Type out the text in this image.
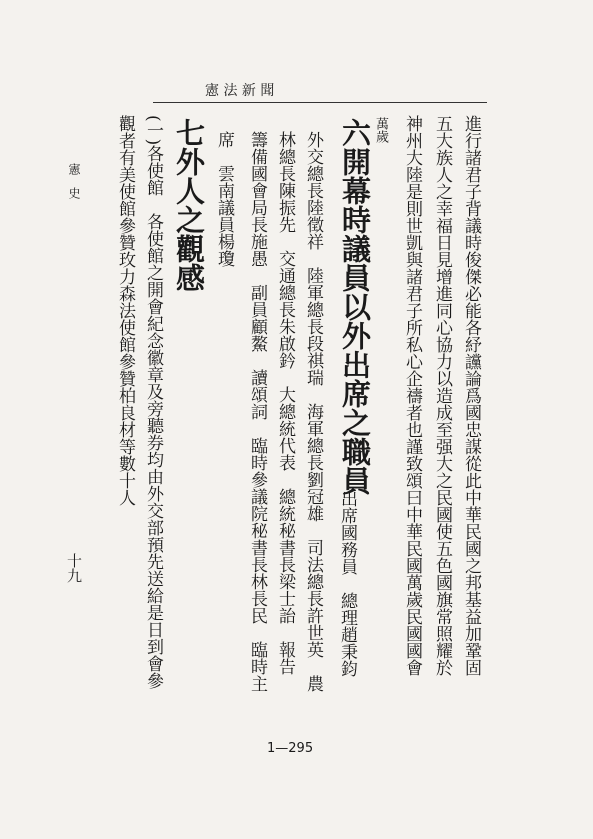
憲 法 新 聞
進行諸君子背議時俊傑必能各紓讜論爲國忠謀從此中華民國之邦基益加鞏固
五大族人之幸福日見增進同心協力以造成至强大之民國使五色國旗常照耀於
神州大陸是則世凱與諸君子所私心企禱者也謹致頌曰中華民國萬歲民國國會
萬歲
六開幕時議員以外出席之職員
出席國務員　總理趙秉鈞
外交總長陸徵祥　陸軍總長段祺瑞　海軍總長劉冠雄　司法總長許世英　農
林總長陳振先　交通總長朱啟鈐　大總統代表　總統秘書長梁士詒　報告
籌備國會局長施愚　副員顧鰲　讀頌詞　臨時參議院秘書長林長民　臨時主
席　雲南議員楊瓊
七外人之觀感
(一)各使館　各使館之開會紀念徽章及旁聽券均由外交部預先送給是日到會參
觀者有美使館參贊玫力森法使館參贊柏良材等數十人
憲　史
十九
1—295
